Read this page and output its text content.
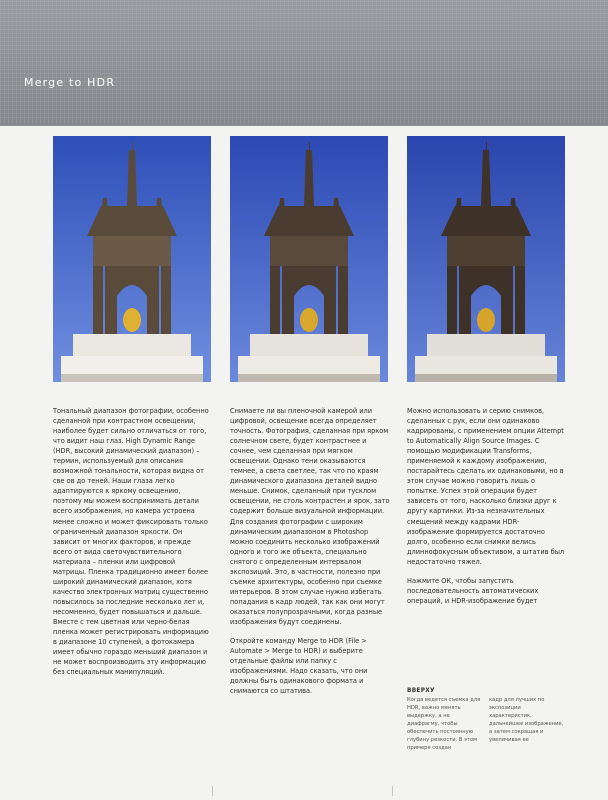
Merge to HDR

Тональный диапазон фотографии, особенно сделанной при контрастном освещении, наиболее будет сильно отличаться от того, что видит наш глаз. High Dynamic Range (HDR, высокий динамический диапазон) – термин, используемый для описания возможной тональности, которая видна от све ов до теней. Наши глаза легко адаптируются к яркому освещению, поэтому мы можем воспринимать детали всего изображения, но камера устроена менее сложно и может фиксировать только ограниченный диапазон яркости. Он зависит от многих факторов, и прежде всего от вида светочувствительного материала – пленки или цифровой матрицы. Пленка традиционно имеет более широкий динамический диапазон, хотя качество электронных матриц существенно повысилось за последние несколько лет и, несомненно, будет повышаться и дальше. Вместе с тем цветная или черно-белая пленка может регистрировать информацию в диапазоне 10 ступеней, а фотокамера имеет обычно гораздо меньший диапазон и не может воспроизводить эту информацию без специальных манипуляций.

Снимаете ли вы пленочной камерой или цифровой, освещение всегда определяет точность. Фотография, сделанная при ярком солнечном свете, будет контрастнее и сочнее, чем сделанная при мягком освещении. Однако тени оказываются темнее, а света светлее, так что по краям динамического диапазона деталей видно меньше. Снимок, сделанный при тусклом освещении, не столь контрастен и ярок, зато содержит больше визуальной информации. Для создания фотографии с широким динамическим диапазоном в Photoshop можно соединить несколько изображений одного и того же объекта, специально снятого с определенным интервалом экспозиций. Это, в частности, полезно при съемке архитектуры, особенно при съемке интерьеров. В этом случае нужно избегать попадания в кадр людей, так как они могут оказаться полупрозрачными, когда разные изображения будут соединены.

Откройте команду Merge to HDR (File > Automate > Merge to HDR) и выберите отдельные файлы или папку с изображениями. Надо сказать, что они должны быть одинакового формата и снимаются со штатива.

Можно использовать и серию снимков, сделанных с рук, если они одинаково кадрированы, с применением опции Attempt to Automatically Align Source Images. С помощью модификации Transforms, применяемой к каждому изображению, постарайтесь сделать их одинаковыми, но в этом случае можно говорить лишь о попытке. Успех этой операции будет зависеть от того, насколько близки друг к другу картинки. Из-за незначительных смещений между кадрами HDR-изображение формируется достаточно долго, особенно если снимки велись длиннофокусным объективом, а штатив был недостаточно тяжел.

Нажмите ОК, чтобы запустить последовательность автоматических операций, и HDR-изображение будет

ВВЕРХУ
Когда ведется съемка для HDR, важно менять выдержку, а не диафрагму, чтобы обеспечить постоянную глубину резкости. В этом примере создан
кадр для лучших по экспозиции характеристик, дальнейшее изображение, а затем сокращая и увеличивая ее
